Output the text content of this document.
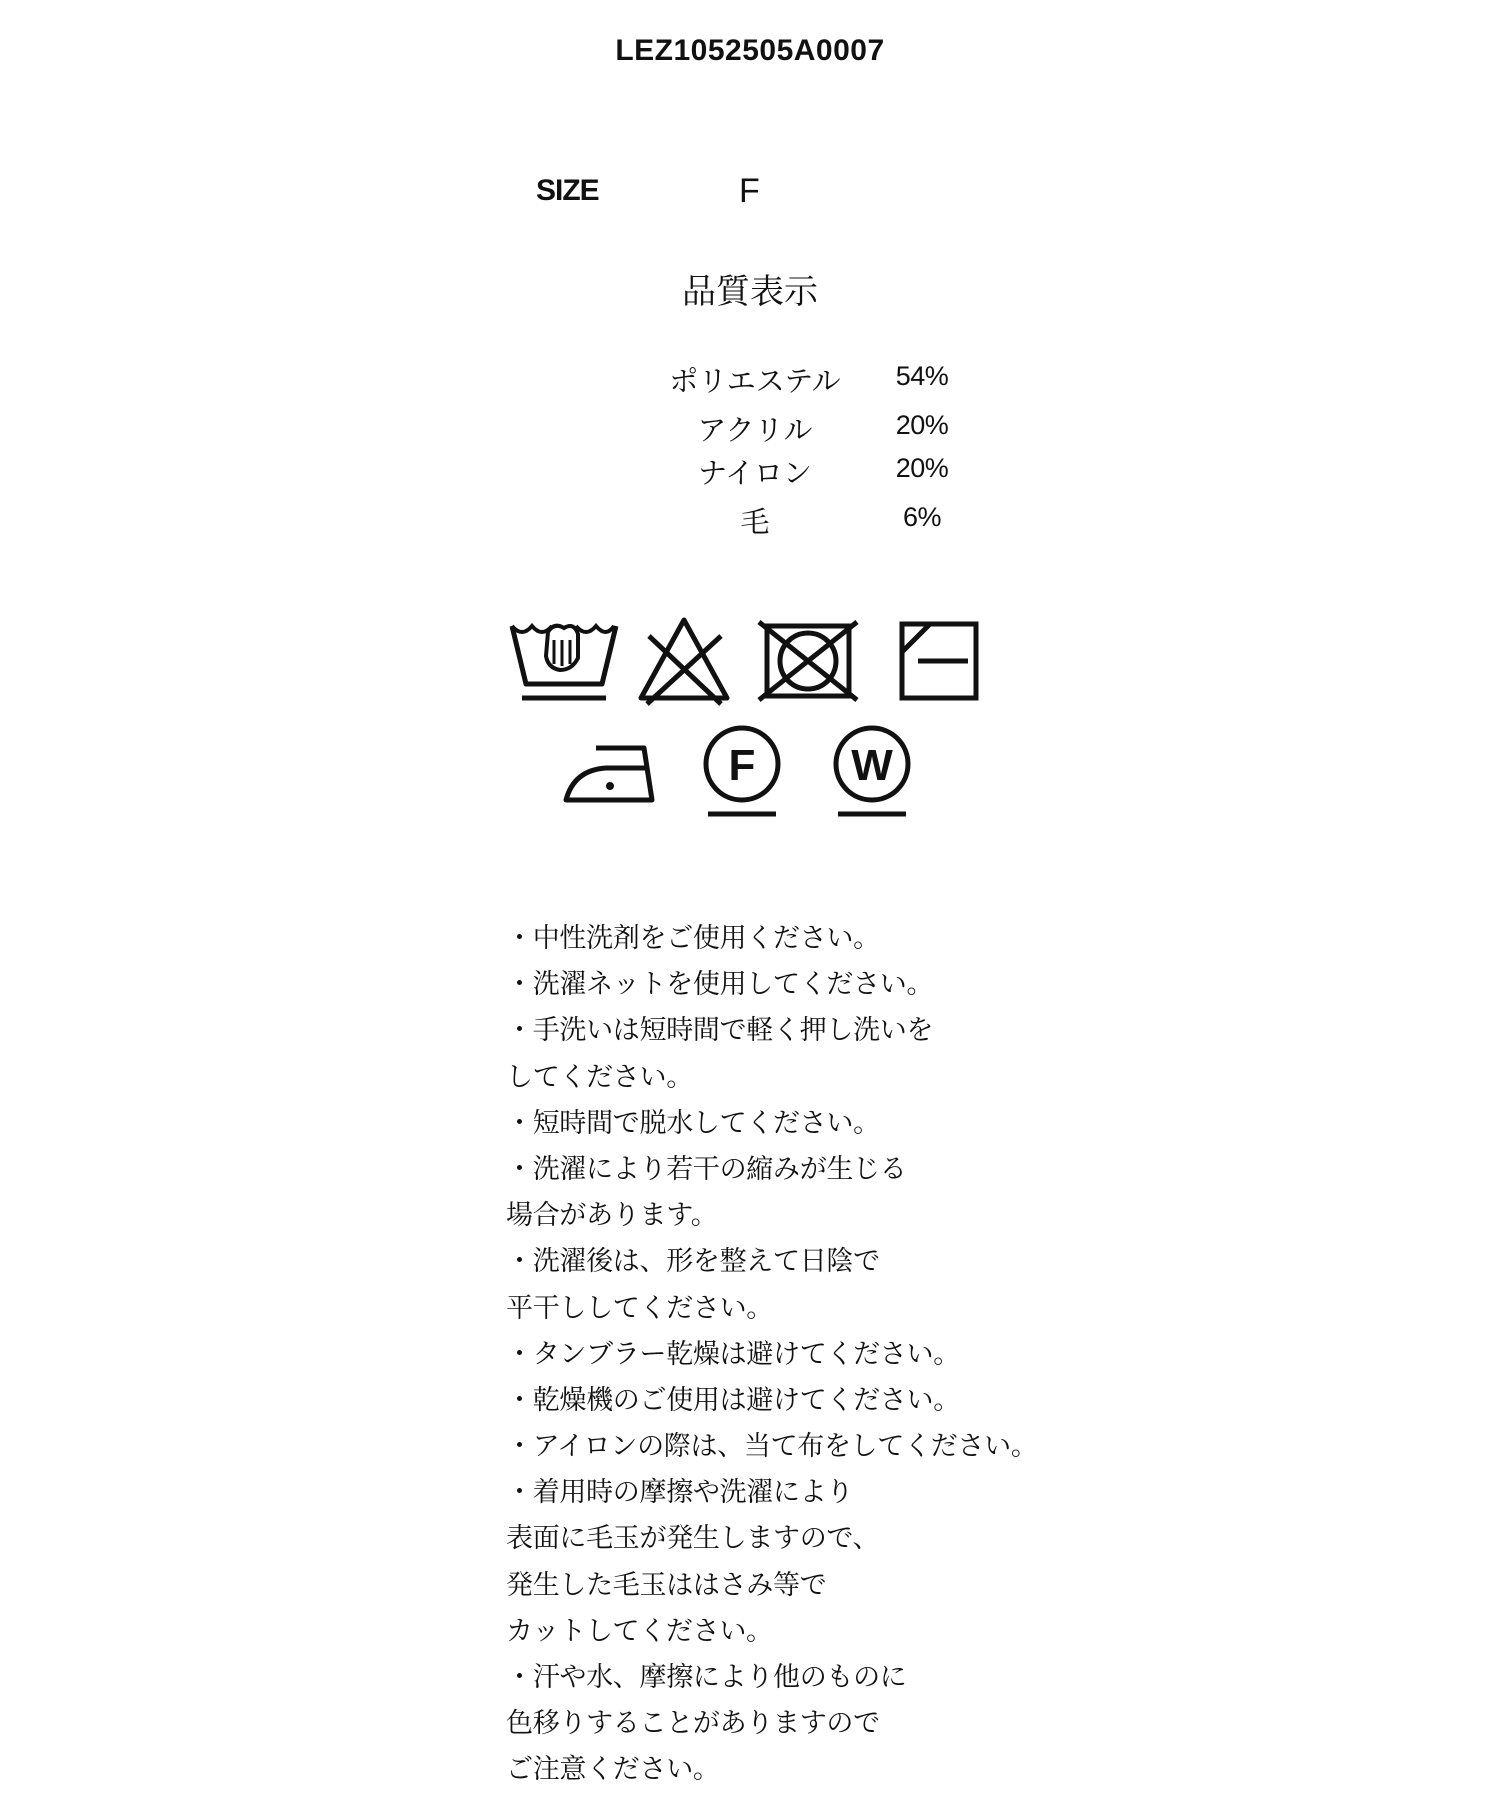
LEZ1052505A0007
SIZE	F
品質表示
ポリエステル	54%
アクリル	20%
ナイロン	20%
毛	6%
F W
・中性洗剤をご使用ください。
・洗濯ネットを使用してください。
・手洗いは短時間で軽く押し洗いを
してください。
・短時間で脱水してください。
・洗濯により若干の縮みが生じる
場合があります。
・洗濯後は、形を整えて日陰で
平干ししてください。
・タンブラー乾燥は避けてください。
・乾燥機のご使用は避けてください。
・アイロンの際は、当て布をしてください。
・着用時の摩擦や洗濯により
表面に毛玉が発生しますので、
発生した毛玉ははさみ等で
カットしてください。
・汗や水、摩擦により他のものに
色移りすることがありますので
ご注意ください。
